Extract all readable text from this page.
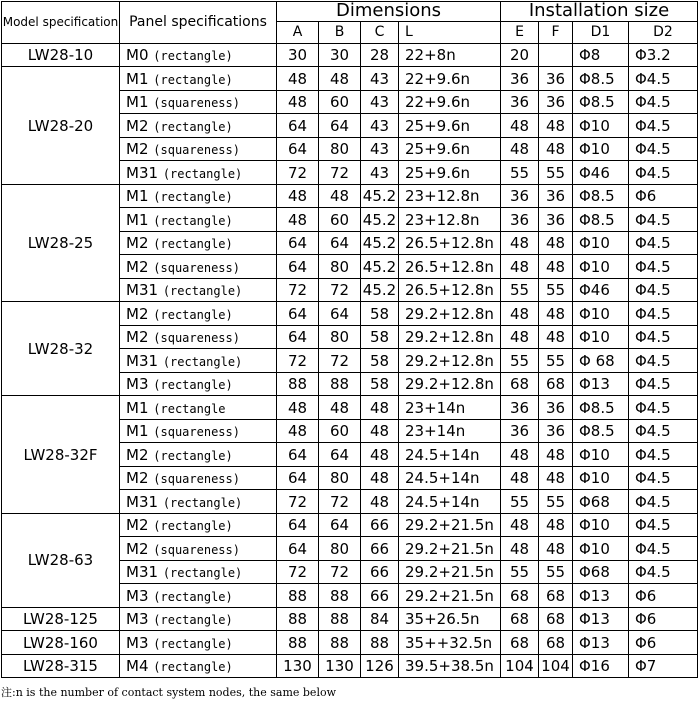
Model specification	Panel specifications	Dimensions				Installation size			
		A	B	C	L	E	F	D1	D2
LW28-10	M0 (rectangle)	30	30	28	22+8n	20		Φ8	Φ3.2
LW28-20	M1 (rectangle)	48	48	43	22+9.6n	36	36	Φ8.5	Φ4.5
	M1 (squareness)	48	60	43	22+9.6n	36	36	Φ8.5	Φ4.5
	M2 (rectangle)	64	64	43	25+9.6n	48	48	Φ10	Φ4.5
	M2 (squareness)	64	80	43	25+9.6n	48	48	Φ10	Φ4.5
	M31 (rectangle)	72	72	43	25+9.6n	55	55	Φ46	Φ4.5
LW28-25	M1 (rectangle)	48	48	45.2	23+12.8n	36	36	Φ8.5	Φ6
	M1 (rectangle)	48	60	45.2	23+12.8n	36	36	Φ8.5	Φ4.5
	M2 (rectangle)	64	64	45.2	26.5+12.8n	48	48	Φ10	Φ4.5
	M2 (squareness)	64	80	45.2	26.5+12.8n	48	48	Φ10	Φ4.5
	M31 (rectangle)	72	72	45.2	26.5+12.8n	55	55	Φ46	Φ4.5
LW28-32	M2 (rectangle)	64	64	58	29.2+12.8n	48	48	Φ10	Φ4.5
	M2 (squareness)	64	80	58	29.2+12.8n	48	48	Φ10	Φ4.5
	M31 (rectangle)	72	72	58	29.2+12.8n	55	55	Φ 68	Φ4.5
	M3 (rectangle)	88	88	58	29.2+12.8n	68	68	Φ13	Φ4.5
LW28-32F	M1 (rectangle	48	48	48	23+14n	36	36	Φ8.5	Φ4.5
	M1 (squareness)	48	60	48	23+14n	36	36	Φ8.5	Φ4.5
	M2 (rectangle)	64	64	48	24.5+14n	48	48	Φ10	Φ4.5
	M2 (squareness)	64	80	48	24.5+14n	48	48	Φ10	Φ4.5
	M31 (rectangle)	72	72	48	24.5+14n	55	55	Φ68	Φ4.5
LW28-63	M2 (rectangle)	64	64	66	29.2+21.5n	48	48	Φ10	Φ4.5
	M2 (squareness)	64	80	66	29.2+21.5n	48	48	Φ10	Φ4.5
	M31 (rectangle)	72	72	66	29.2+21.5n	55	55	Φ68	Φ4.5
	M3 (rectangle)	88	88	66	29.2+21.5n	68	68	Φ13	Φ6
LW28-125	M3 (rectangle)	88	88	84	35+26.5n	68	68	Φ13	Φ6
LW28-160	M3 (rectangle)	88	88	88	35++32.5n	68	68	Φ13	Φ6
LW28-315	M4 (rectangle)	130	130	126	39.5+38.5n	104	104	Φ16	Φ7
注:n is the number of contact system nodes, the same below
